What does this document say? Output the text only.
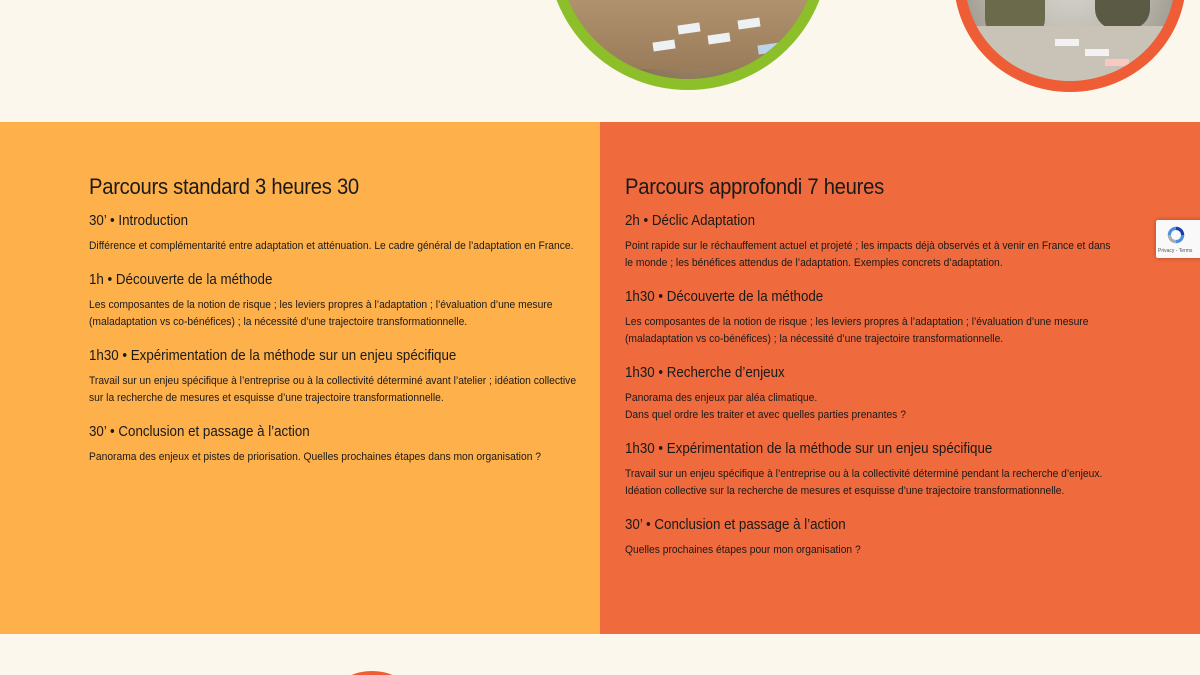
Parcours standard 3 heures 30
30’ • Introduction

Différence et complémentarité entre adaptation et atténuation. Le cadre général de l’adaptation en France.

1h • Découverte de la méthode

Les composantes de la notion de risque ; les leviers propres à l’adaptation ; l’évaluation d’une mesure
(maladaptation vs co-bénéfices) ; la nécessité d’une trajectoire transformationnelle.

1h30 • Expérimentation de la méthode sur un enjeu spécifique

Travail sur un enjeu spécifique à l’entreprise ou à la collectivité déterminé avant l’atelier ; idéation collective
sur la recherche de mesures et esquisse d’une trajectoire transformationnelle.

30’ • Conclusion et passage à l’action

Panorama des enjeux et pistes de priorisation. Quelles prochaines étapes dans mon organisation ?

Parcours approfondi 7 heures
2h • Déclic Adaptation

Point rapide sur le réchauffement actuel et projeté ; les impacts déjà observés et à venir en France et dans
le monde ; les bénéfices attendus de l’adaptation. Exemples concrets d’adaptation.

1h30 • Découverte de la méthode

Les composantes de la notion de risque ; les leviers propres à l’adaptation ; l’évaluation d’une mesure
(maladaptation vs co-bénéfices) ; la nécessité d’une trajectoire transformationnelle.

1h30 • Recherche d’enjeux

Panorama des enjeux par aléa climatique.
Dans quel ordre les traiter et avec quelles parties prenantes ?

1h30 • Expérimentation de la méthode sur un enjeu spécifique

Travail sur un enjeu spécifique à l’entreprise ou à la collectivité déterminé pendant la recherche d’enjeux.
Idéation collective sur la recherche de mesures et esquisse d’une trajectoire transformationnelle.

30’ • Conclusion et passage à l’action

Quelles prochaines étapes pour mon organisation ?

Privacy - Terms
